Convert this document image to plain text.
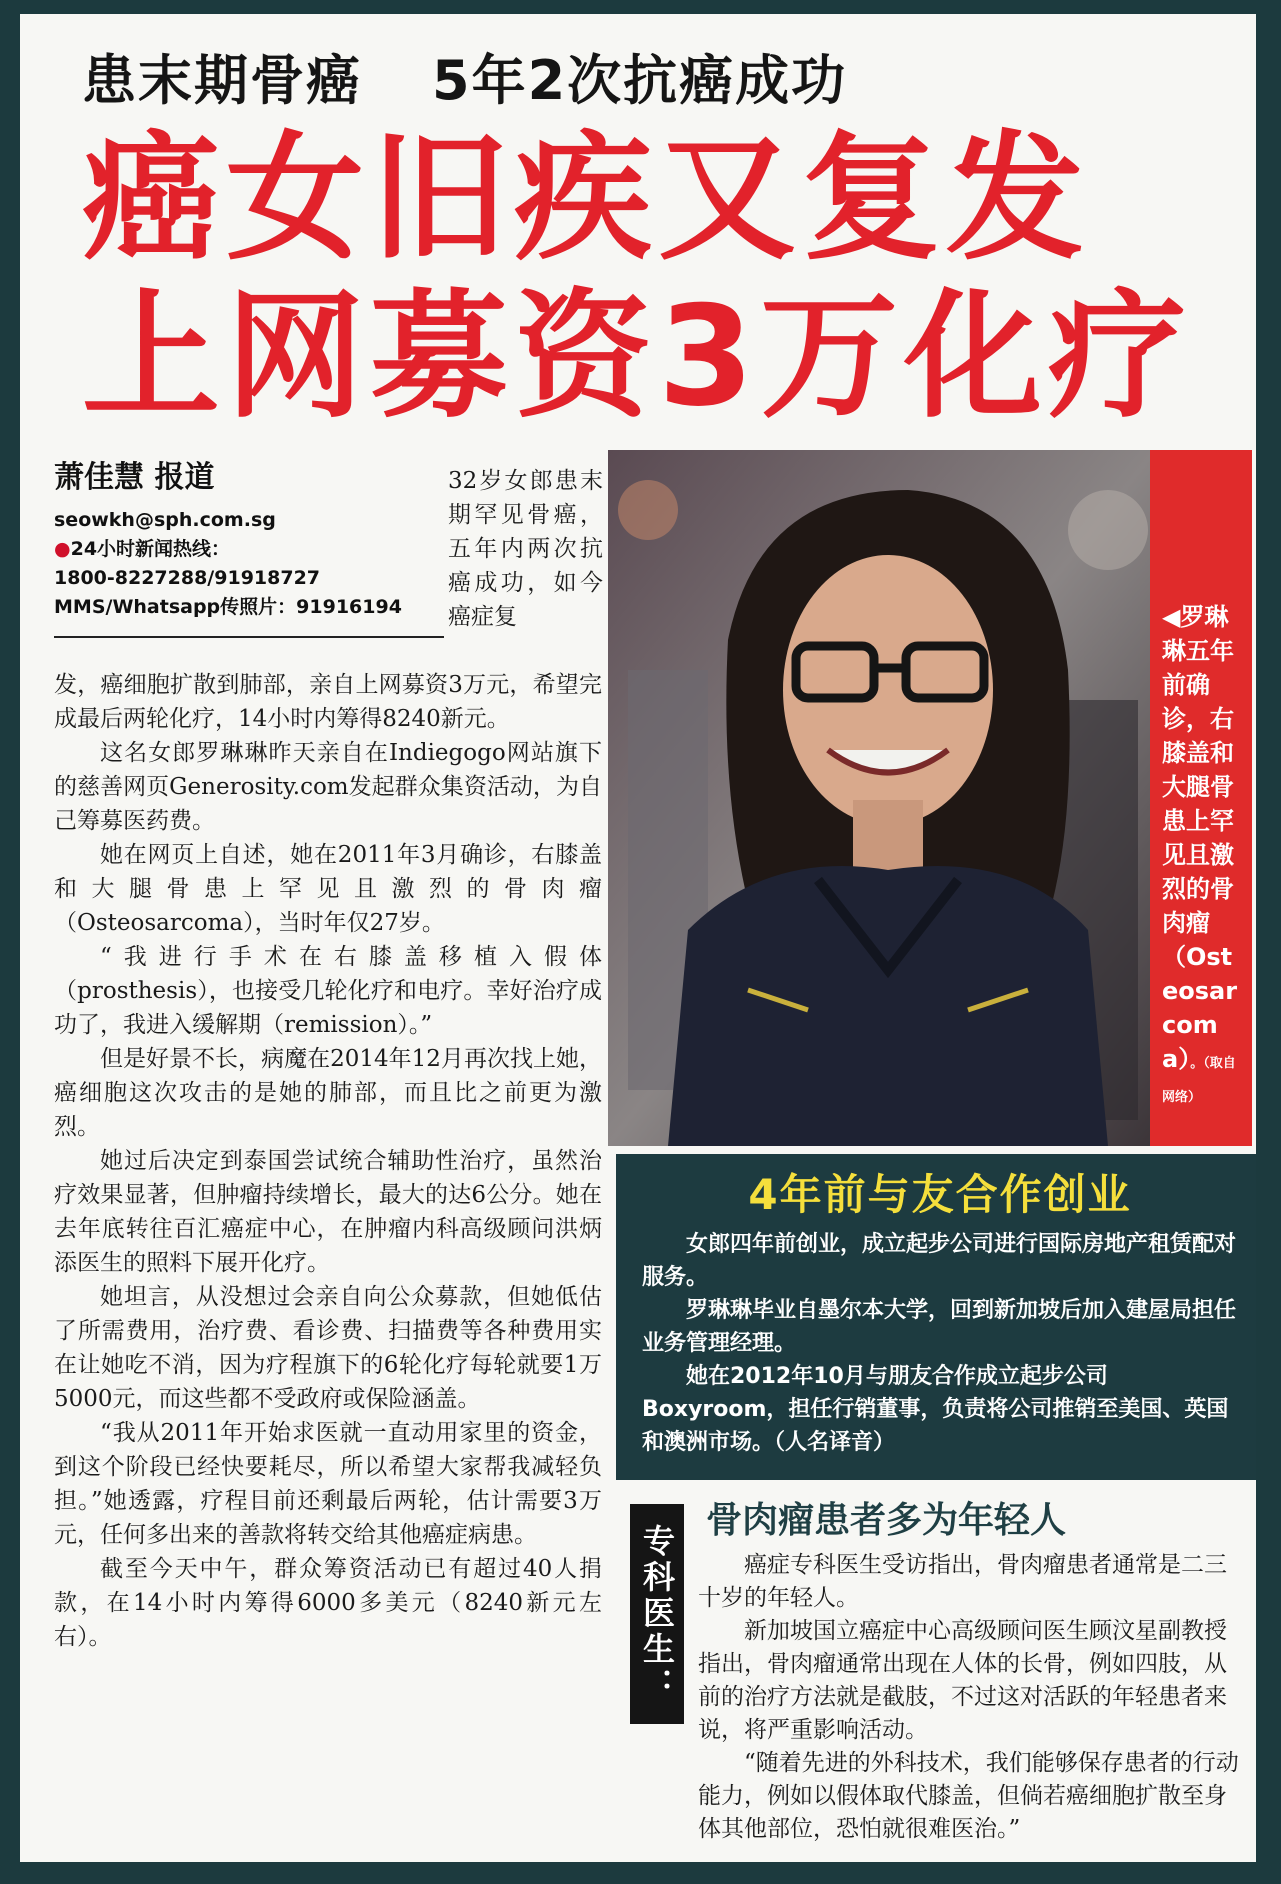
患末期骨癌 5年2次抗癌成功
癌女旧疾又复发
上网募资3万化疗
萧佳慧 报道
seowkh@sph.com.sg
●24小时新闻热线：
1800-8227288/91918727
MMS/Whatsapp传照片：91916194
32岁女郎患末期罕见骨癌，五年内两次抗癌成功，如今癌症复

发，癌细胞扩散到肺部，亲自上网募资3万元，希望完成最后两轮化疗，14小时内筹得8240新元。

这名女郎罗琳琳昨天亲自在Indiegogo网站旗下的慈善网页Generosity.com发起群众集资活动，为自己筹募医药费。

她在网页上自述，她在2011年3月确诊，右膝盖和大腿骨患上罕见且激烈的骨肉瘤（Osteosarcoma），当时年仅27岁。

“我进行手术在右膝盖移植入假体（prosthesis），也接受几轮化疗和电疗。幸好治疗成功了，我进入缓解期（remission）。”

但是好景不长，病魔在2014年12月再次找上她，癌细胞这次攻击的是她的肺部，而且比之前更为激烈。

她过后决定到泰国尝试统合辅助性治疗，虽然治疗效果显著，但肿瘤持续增长，最大的达6公分。她在去年底转往百汇癌症中心，在肿瘤内科高级顾问洪炳添医生的照料下展开化疗。

她坦言，从没想过会亲自向公众募款，但她低估了所需费用，治疗费、看诊费、扫描费等各种费用实在让她吃不消，因为疗程旗下的6轮化疗每轮就要1万5000元，而这些都不受政府或保险涵盖。

“我从2011年开始求医就一直动用家里的资金，到这个阶段已经快要耗尽，所以希望大家帮我减轻负担。”她透露，疗程目前还剩最后两轮，估计需要3万元，任何多出来的善款将转交给其他癌症病患。

截至今天中午，群众筹资活动已有超过40人捐款，在14小时内筹得6000多美元（8240新元左右）。

◀罗琳琳五年前确诊，右膝盖和大腿骨患上罕见且激烈的骨肉瘤（Osteosarcoma）。（取自网络）
4年前与友合作创业

女郎四年前创业，成立起步公司进行国际房地产租赁配对服务。

罗琳琳毕业自墨尔本大学，回到新加坡后加入建屋局担任业务管理经理。

她在2012年10月与朋友合作成立起步公司Boxyroom，担任行销董事，负责将公司推销至美国、英国和澳洲市场。（人名译音）

专科医生：
骨肉瘤患者多为年轻人

癌症专科医生受访指出，骨肉瘤患者通常是二三十岁的年轻人。

新加坡国立癌症中心高级顾问医生顾汶星副教授指出，骨肉瘤通常出现在人体的长骨，例如四肢，从前的治疗方法就是截肢，不过这对活跃的年轻患者来说，将严重影响活动。

“随着先进的外科技术，我们能够保存患者的行动能力，例如以假体取代膝盖，但倘若癌细胞扩散至身体其他部位，恐怕就很难医治。”
